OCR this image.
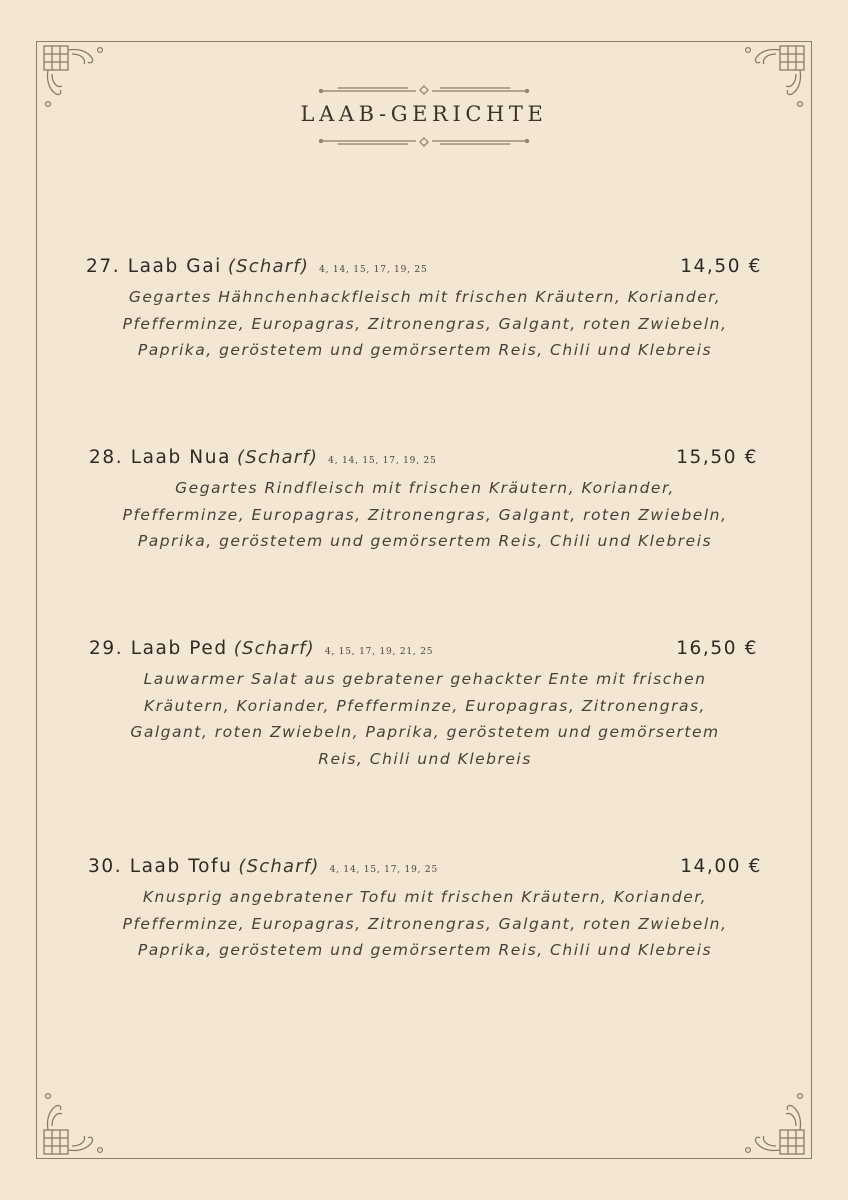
LAAB-GERICHTE
27. Laab Gai (Scharf) 4, 14, 15, 17, 19, 25	14,50 €

Gegartes Hähnchenhackfleisch mit frischen Kräutern, Koriander,
Pfefferminze, Europagras, Zitronengras, Galgant, roten Zwiebeln,
Paprika, geröstetem und gemörsertem Reis, Chili und Klebreis

28. Laab Nua (Scharf) 4, 14, 15, 17, 19, 25	15,50 €

Gegartes Rindfleisch mit frischen Kräutern, Koriander,
Pfefferminze, Europagras, Zitronengras, Galgant, roten Zwiebeln,
Paprika, geröstetem und gemörsertem Reis, Chili und Klebreis

29. Laab Ped (Scharf) 4, 15, 17, 19, 21, 25	16,50 €

Lauwarmer Salat aus gebratener gehackter Ente mit frischen
Kräutern, Koriander, Pfefferminze, Europagras, Zitronengras,
Galgant, roten Zwiebeln, Paprika, geröstetem und gemörsertem
Reis, Chili und Klebreis

30. Laab Tofu (Scharf) 4, 14, 15, 17, 19, 25	14,00 €

Knusprig angebratener Tofu mit frischen Kräutern, Koriander,
Pfefferminze, Europagras, Zitronengras, Galgant, roten Zwiebeln,
Paprika, geröstetem und gemörsertem Reis, Chili und Klebreis
